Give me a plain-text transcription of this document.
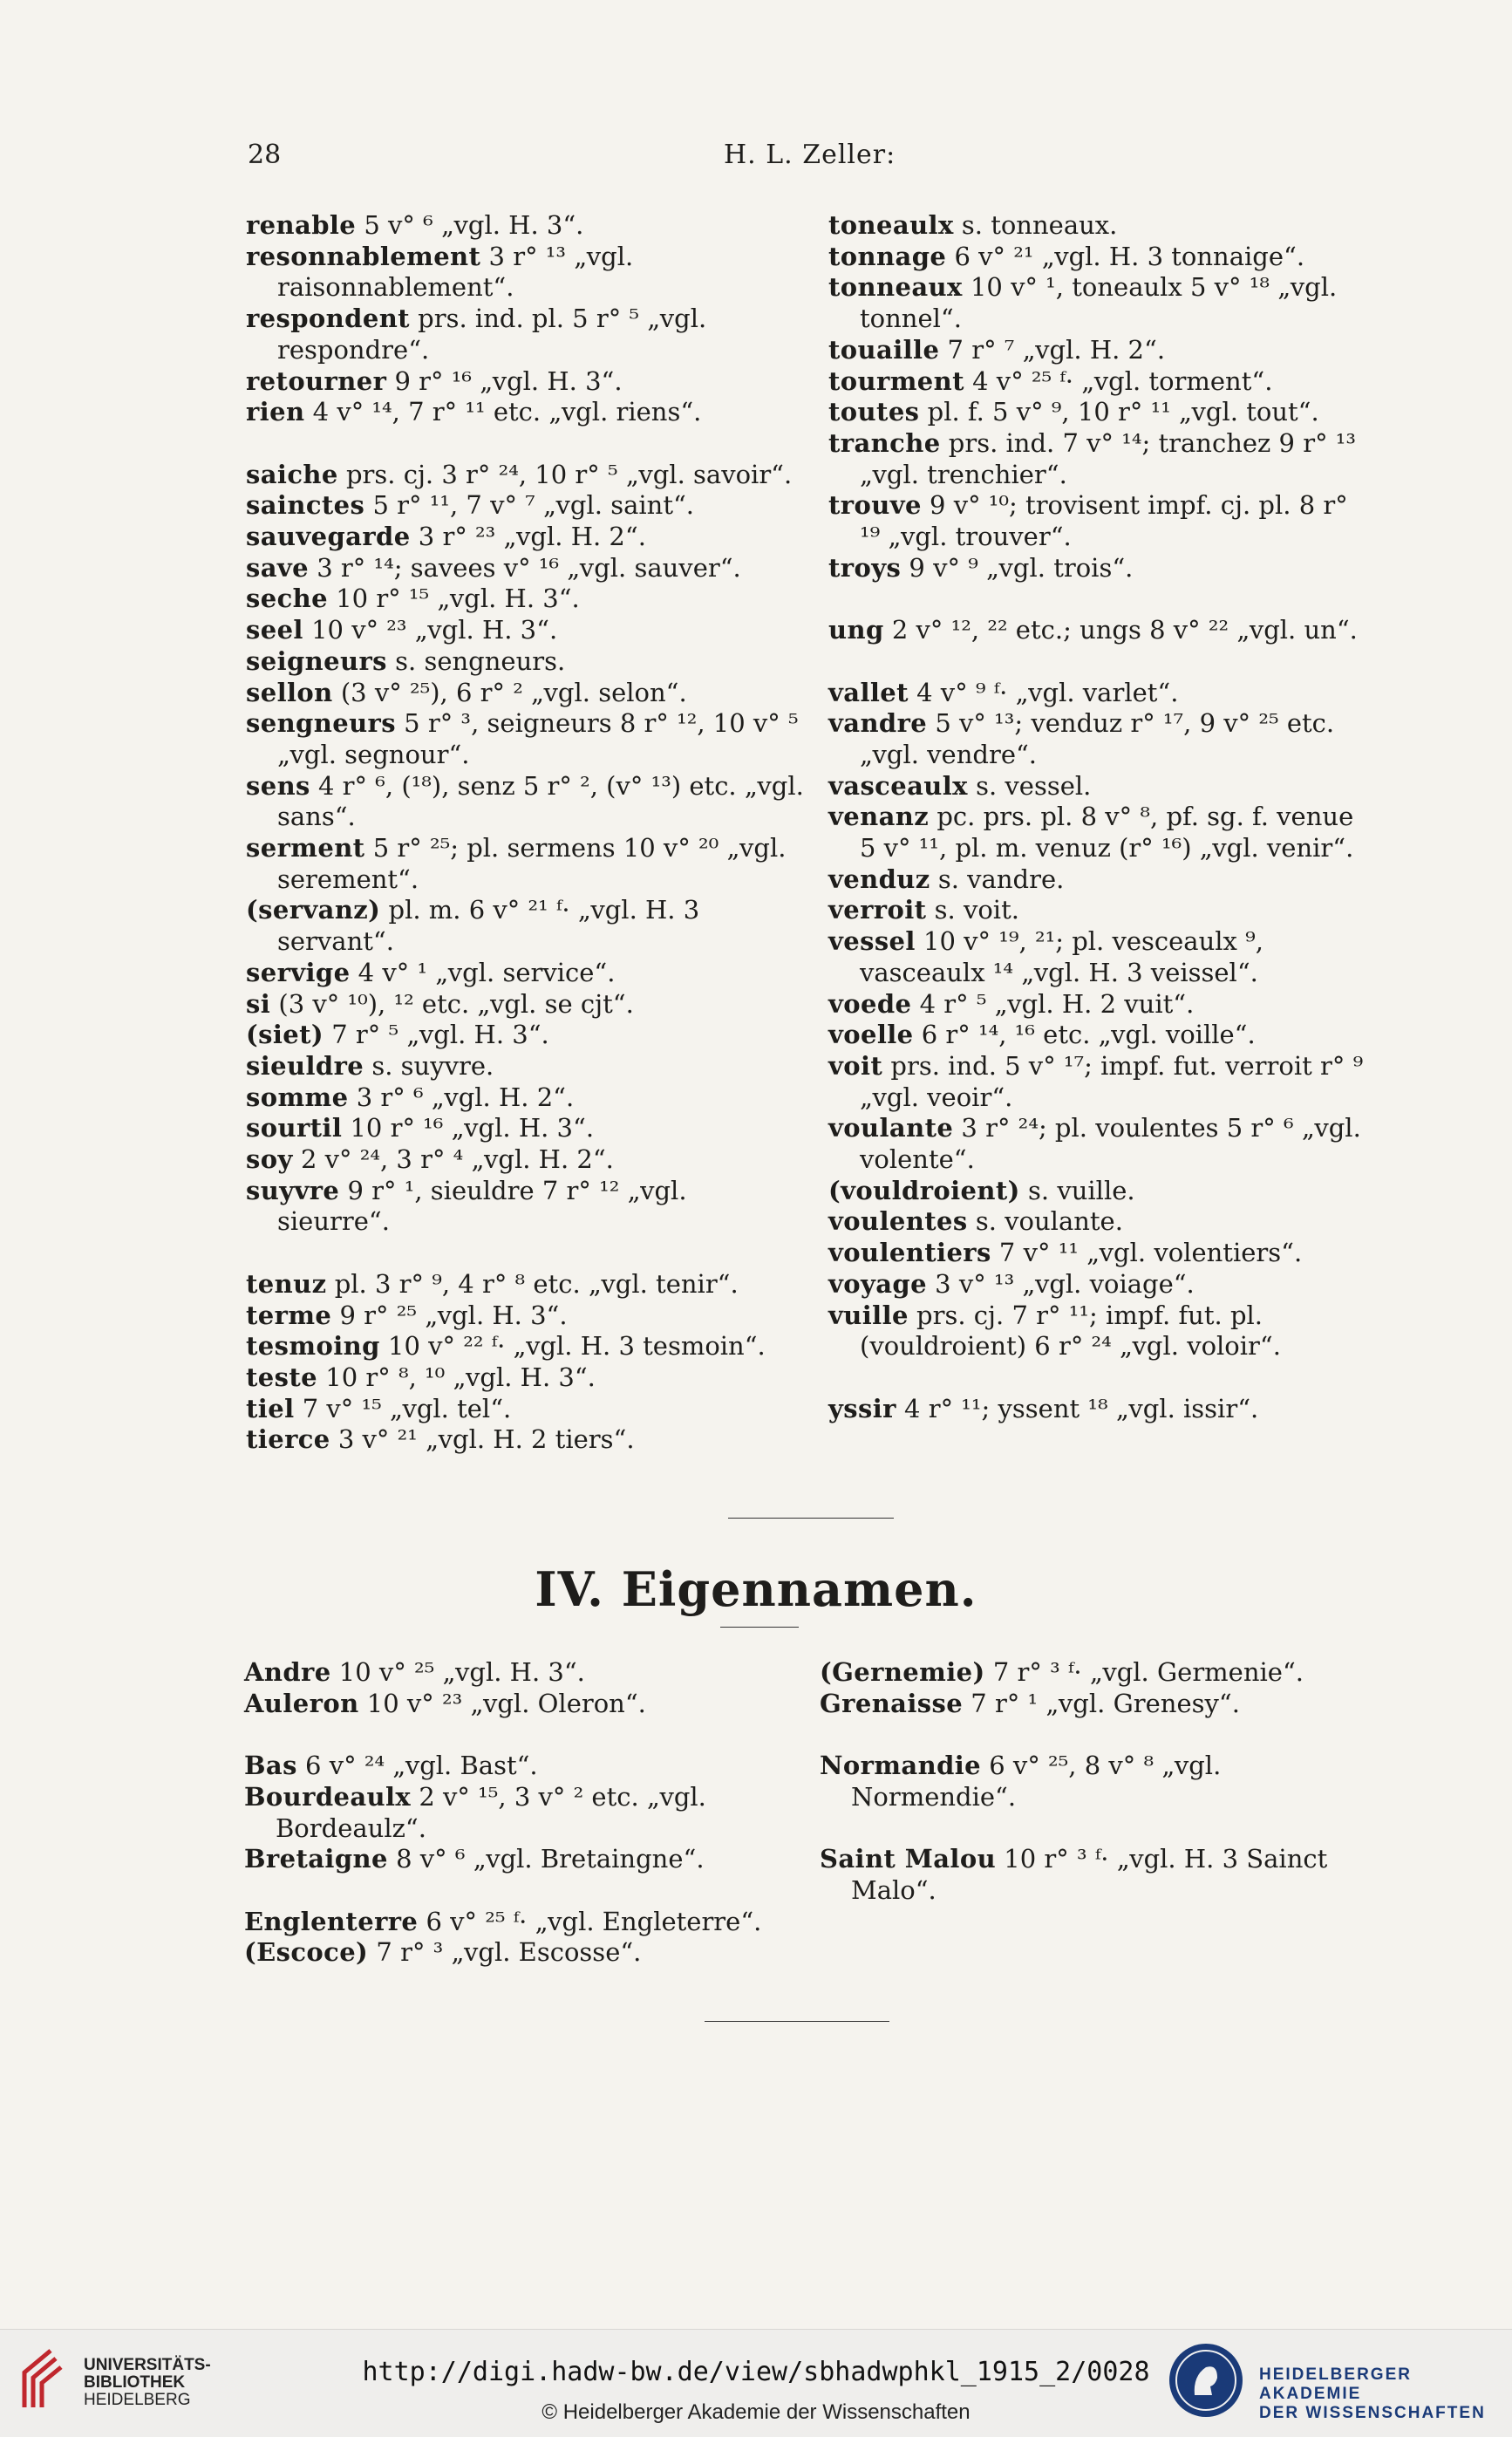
28	H. L. Zeller:
renable 5 v° ⁶ „vgl. H. 3“.
resonnablement 3 r° ¹³ „vgl. raisonnablement“.
respondent prs. ind. pl. 5 r° ⁵ „vgl. respondre“.
retourner 9 r° ¹⁶ „vgl. H. 3“.
rien 4 v° ¹⁴, 7 r° ¹¹ etc. „vgl. riens“.
saiche prs. cj. 3 r° ²⁴, 10 r° ⁵ „vgl. savoir“.
sainctes 5 r° ¹¹, 7 v° ⁷ „vgl. saint“.
sauvegarde 3 r° ²³ „vgl. H. 2“.
save 3 r° ¹⁴; savees v° ¹⁶ „vgl. sauver“.
seche 10 r° ¹⁵ „vgl. H. 3“.
seel 10 v° ²³ „vgl. H. 3“.
seigneurs s. sengneurs.
sellon (3 v° ²⁵), 6 r° ² „vgl. selon“.
sengneurs 5 r° ³, seigneurs 8 r° ¹², 10 v° ⁵ „vgl. segnour“.
sens 4 r° ⁶, (¹⁸), senz 5 r° ², (v° ¹³) etc. „vgl. sans“.
serment 5 r° ²⁵; pl. sermens 10 v° ²⁰ „vgl. serement“.
(servanz) pl. m. 6 v° ²¹ ᶠ· „vgl. H. 3 servant“.
servige 4 v° ¹ „vgl. service“.
si (3 v° ¹⁰), ¹² etc. „vgl. se cjt“.
(siet) 7 r° ⁵ „vgl. H. 3“.
sieuldre s. suyvre.
somme 3 r° ⁶ „vgl. H. 2“.
sourtil 10 r° ¹⁶ „vgl. H. 3“.
soy 2 v° ²⁴, 3 r° ⁴ „vgl. H. 2“.
suyvre 9 r° ¹, sieuldre 7 r° ¹² „vgl. sieurre“.
tenuz pl. 3 r° ⁹, 4 r° ⁸ etc. „vgl. tenir“.
terme 9 r° ²⁵ „vgl. H. 3“.
tesmoing 10 v° ²² ᶠ· „vgl. H. 3 tesmoin“.
teste 10 r° ⁸, ¹⁰ „vgl. H. 3“.
tiel 7 v° ¹⁵ „vgl. tel“.
tierce 3 v° ²¹ „vgl. H. 2 tiers“.
toneaulx s. tonneaux.
tonnage 6 v° ²¹ „vgl. H. 3 tonnaige“.
tonneaux 10 v° ¹, toneaulx 5 v° ¹⁸ „vgl. tonnel“.
touaille 7 r° ⁷ „vgl. H. 2“.
tourment 4 v° ²⁵ ᶠ· „vgl. torment“.
toutes pl. f. 5 v° ⁹, 10 r° ¹¹ „vgl. tout“.
tranche prs. ind. 7 v° ¹⁴; tranchez 9 r° ¹³ „vgl. trenchier“.
trouve 9 v° ¹⁰; trovisent impf. cj. pl. 8 r° ¹⁹ „vgl. trouver“.
troys 9 v° ⁹ „vgl. trois“.
ung 2 v° ¹², ²² etc.; ungs 8 v° ²² „vgl. un“.
vallet 4 v° ⁹ ᶠ· „vgl. varlet“.
vandre 5 v° ¹³; venduz r° ¹⁷, 9 v° ²⁵ etc. „vgl. vendre“.
vasceaulx s. vessel.
venanz pc. prs. pl. 8 v° ⁸, pf. sg. f. venue 5 v° ¹¹, pl. m. venuz (r° ¹⁶) „vgl. venir“.
venduz s. vandre.
verroit s. voit.
vessel 10 v° ¹⁹, ²¹; pl. vesceaulx ⁹, vasceaulx ¹⁴ „vgl. H. 3 veissel“.
voede 4 r° ⁵ „vgl. H. 2 vuit“.
voelle 6 r° ¹⁴, ¹⁶ etc. „vgl. voille“.
voit prs. ind. 5 v° ¹⁷; impf. fut. verroit r° ⁹ „vgl. veoir“.
voulante 3 r° ²⁴; pl. voulentes 5 r° ⁶ „vgl. volente“.
(vouldroient) s. vuille.
voulentes s. voulante.
voulentiers 7 v° ¹¹ „vgl. volentiers“.
voyage 3 v° ¹³ „vgl. voiage“.
vuille prs. cj. 7 r° ¹¹; impf. fut. pl. (vouldroient) 6 r° ²⁴ „vgl. voloir“.
yssir 4 r° ¹¹; yssent ¹⁸ „vgl. issir“.
IV. Eigennamen.
Andre 10 v° ²⁵ „vgl. H. 3“.
Auleron 10 v° ²³ „vgl. Oleron“.
Bas 6 v° ²⁴ „vgl. Bast“.
Bourdeaulx 2 v° ¹⁵, 3 v° ² etc. „vgl. Bordeaulz“.
Bretaigne 8 v° ⁶ „vgl. Bretaingne“.
Englenterre 6 v° ²⁵ ᶠ· „vgl. Engleterre“.
(Escoce) 7 r° ³ „vgl. Escosse“.
(Gernemie) 7 r° ³ ᶠ· „vgl. Germenie“.
Grenaisse 7 r° ¹ „vgl. Grenesy“.
Normandie 6 v° ²⁵, 8 v° ⁸ „vgl. Normendie“.
Saint Malou 10 r° ³ ᶠ· „vgl. H. 3 Sainct Malo“.
UNIVERSITÄTS-
BIBLIOTHEK
HEIDELBERG
http://digi.hadw-bw.de/view/sbhadwphkl_1915_2/0028
© Heidelberger Akademie der Wissenschaften
HEIDELBERGER AKADEMIE
DER WISSENSCHAFTEN
